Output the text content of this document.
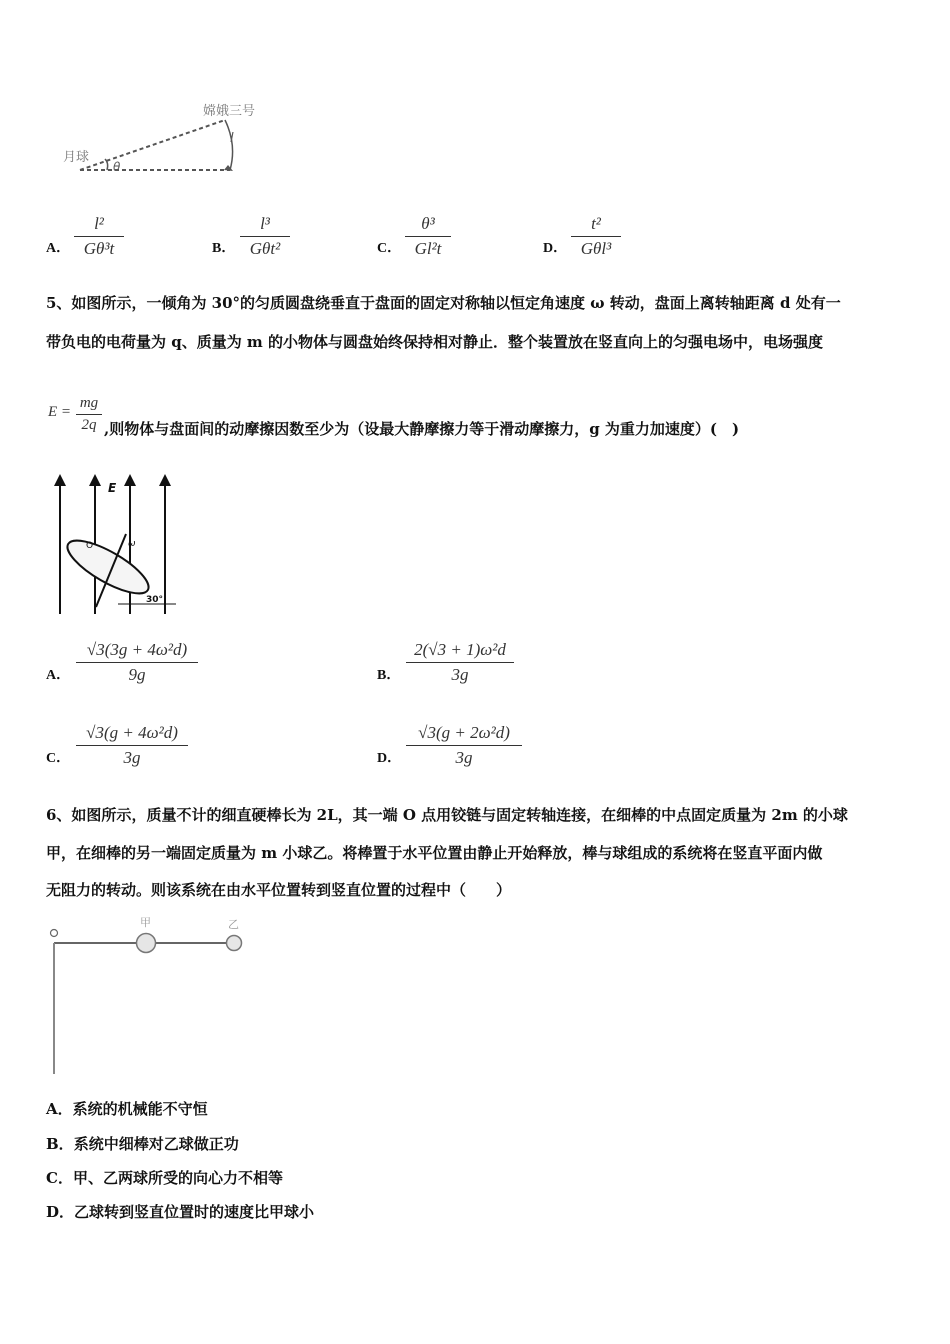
嫦娥三号
月球
l
θ
A．
l²
Gθ³t	B．
l³
Gθt²	C．
θ³
Gl²t	D．
t²
Gθl³
5、如图所示，一倾角为 30°的匀质圆盘绕垂直于盘面的固定对称轴以恒定角速度 ω 转动，盘面上离转轴距离 d 处有一
带负电的电荷量为 q、质量为 m 的小物体与圆盘始终保持相对静止．整个装置放在竖直向上的匀强电场中，电场强度
E =
mg
2q ,则物体与盘面间的动摩擦因数至少为（设最大静摩擦力等于滑动摩擦力，g 为重力加速度）(　)
E
30°
O	ω
A．
√3(3g + 4ω²d)
9g	B．
2(√3 + 1)ω²d
3g
C．
√3(g + 4ω²d)
3g	D．
√3(g + 2ω²d)
3g
6、如图所示，质量不计的细直硬棒长为 2L，其一端 O 点用铰链与固定转轴连接，在细棒的中点固定质量为 2m 的小球
甲，在细棒的另一端固定质量为 m 小球乙。将棒置于水平位置由静止开始释放，棒与球组成的系统将在竖直平面内做
无阻力的转动。则该系统在由水平位置转到竖直位置的过程中（　　）
O	甲	乙
A．系统的机械能不守恒
B．系统中细棒对乙球做正功
C．甲、乙两球所受的向心力不相等
D．乙球转到竖直位置时的速度比甲球小
